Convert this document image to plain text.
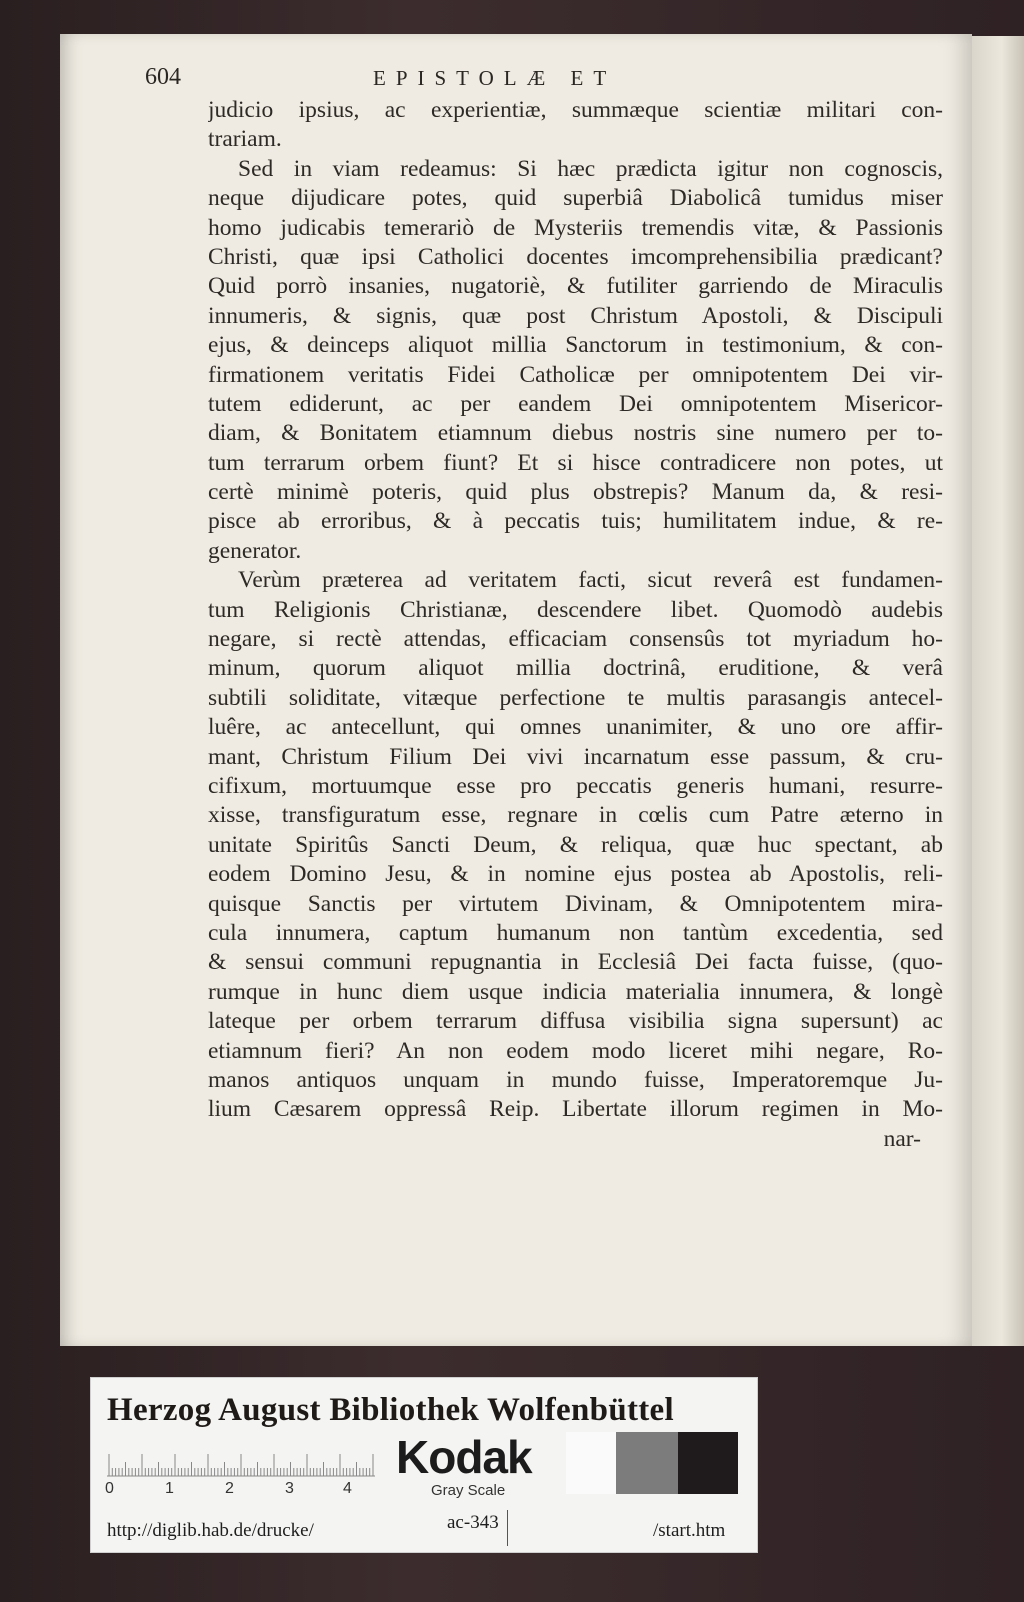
604	EPISTOLÆ ET
judicio ipsius, ac experientiæ, summæque scientiæ militari con-
trariam.
Sed in viam redeamus: Si hæc prædicta igitur non cognoscis,
neque dijudicare potes, quid superbiâ Diabolicâ tumidus miser
homo judicabis temerariò de Mysteriis tremendis vitæ, & Passionis
Christi, quæ ipsi Catholici docentes imcomprehensibilia prædicant?
Quid porrò insanies, nugatoriè, & futiliter garriendo de Miraculis
innumeris, & signis, quæ post Christum Apostoli, & Discipuli
ejus, & deinceps aliquot millia Sanctorum in testimonium, & con-
firmationem veritatis Fidei Catholicæ per omnipotentem Dei vir-
tutem ediderunt, ac per eandem Dei omnipotentem Misericor-
diam, & Bonitatem etiamnum diebus nostris sine numero per to-
tum terrarum orbem fiunt? Et si hisce contradicere non potes, ut
certè minimè poteris, quid plus obstrepis? Manum da, & resi-
pisce ab erroribus, & à peccatis tuis; humilitatem indue, & re-
generator.
Verùm præterea ad veritatem facti, sicut reverâ est fundamen-
tum Religionis Christianæ, descendere libet. Quomodò audebis
negare, si rectè attendas, efficaciam consensûs tot myriadum ho-
minum, quorum aliquot millia doctrinâ, eruditione, & verâ
subtili soliditate, vitæque perfectione te multis parasangis antecel-
luêre, ac antecellunt, qui omnes unanimiter, & uno ore affir-
mant, Christum Filium Dei vivi incarnatum esse passum, & cru-
cifixum, mortuumque esse pro peccatis generis humani, resurre-
xisse, transfiguratum esse, regnare in cœlis cum Patre æterno in
unitate Spiritûs Sancti Deum, & reliqua, quæ huc spectant, ab
eodem Domino Jesu, & in nomine ejus postea ab Apostolis, reli-
quisque Sanctis per virtutem Divinam, & Omnipotentem mira-
cula innumera, captum humanum non tantùm excedentia, sed
& sensui communi repugnantia in Ecclesiâ Dei facta fuisse, (quo-
rumque in hunc diem usque indicia materialia innumera, & longè
lateque per orbem terrarum diffusa visibilia signa supersunt) ac
etiamnum fieri? An non eodem modo liceret mihi negare, Ro-
manos antiquos unquam in mundo fuisse, Imperatoremque Ju-
lium Cæsarem oppressâ Reip. Libertate illorum regimen in Mo-
nar-
Herzog August Bibliothek Wolfenbüttel
0	1	2	3	4
Kodak
Gray Scale
http://diglib.hab.de/drucke/	ac-343	/start.htm
